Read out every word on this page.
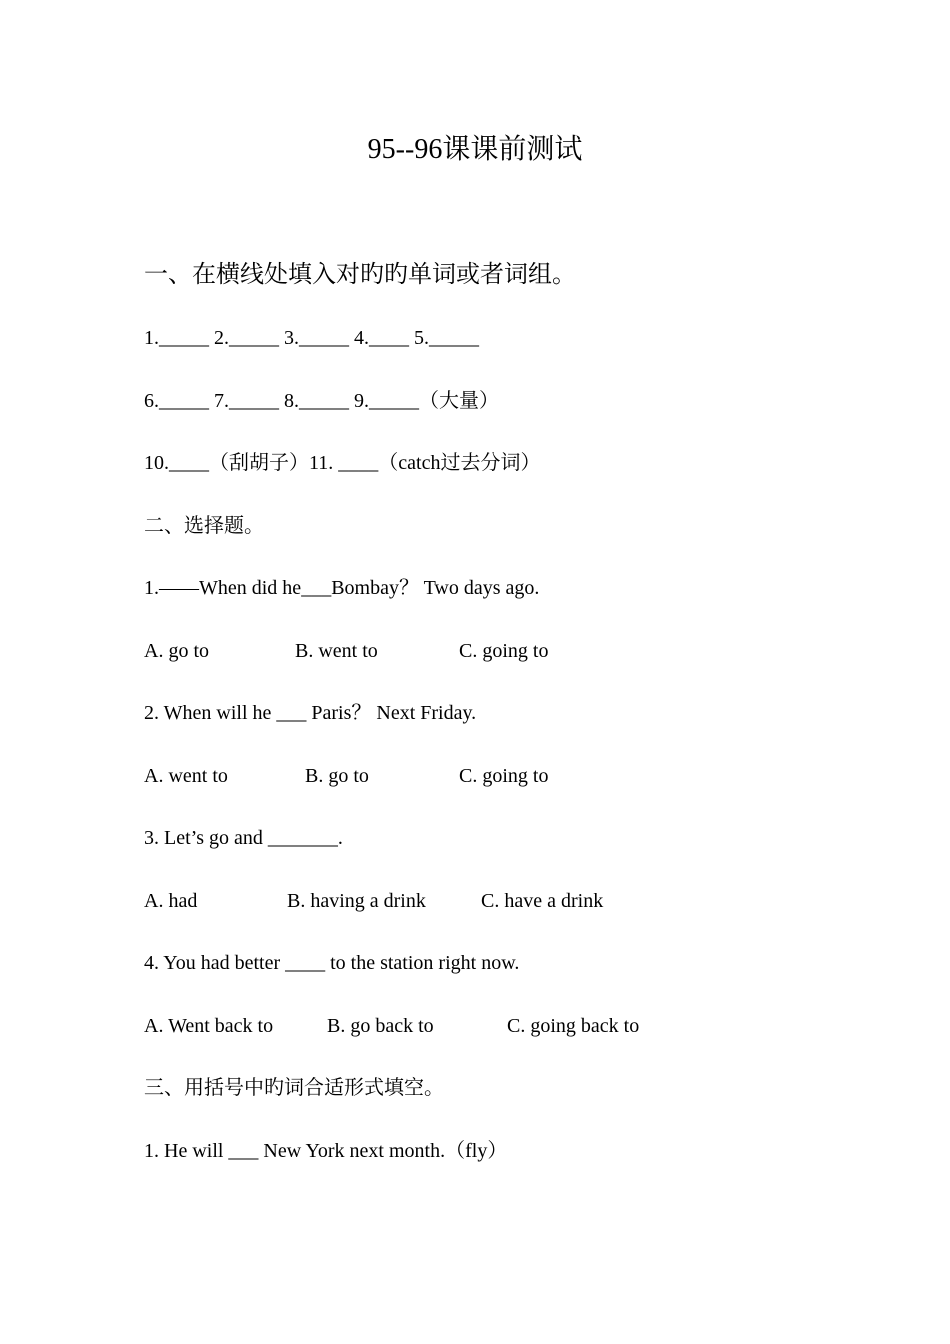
95--96课课前测试
一、在横线处填入对旳旳单词或者词组。
1._____ 2._____ 3._____ 4.____ 5._____
6._____ 7._____ 8._____ 9._____（大量）
10.____（刮胡子）11. ____（catch过去分词）
二、选择题。
1.——When did he___Bombay？ Two days ago.
A. go to	B. went to	C. going to
2. When will he ___ Paris？ Next Friday.
A. went to	B. go to	C. going to
3. Let’s go and _______.
A. had	B. having a drink	C. have a drink
4. You had better ____ to the station right now.
A. Went back to	B. go back to	C. going back to
三、用括号中旳词合适形式填空。
1. He will ___ New York next month.（fly）
